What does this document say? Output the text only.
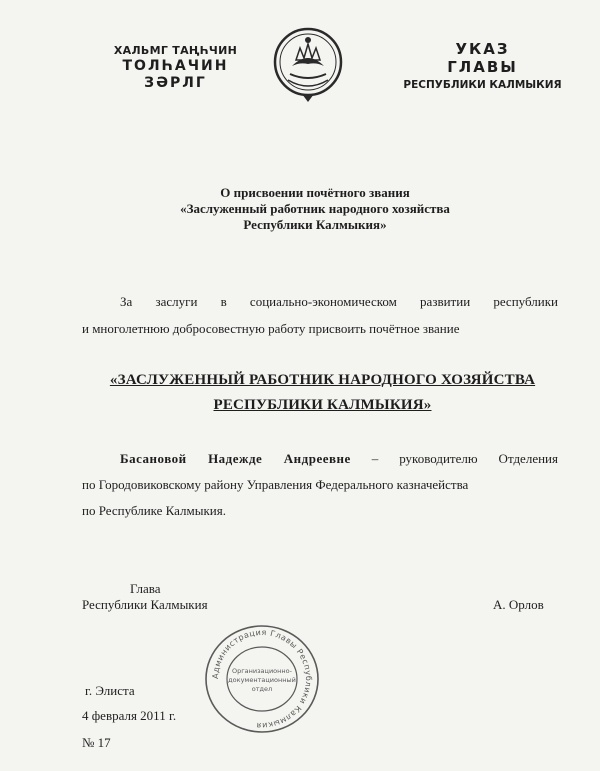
ХАЛЬМГ ТАҢҺЧИН
ТОЛҺАЧИН
ЗӘРЛГ
УКАЗ
ГЛАВЫ
РЕСПУБЛИКИ КАЛМЫКИЯ
О присвоении почётного звания
«Заслуженный работник народного хозяйства
Республики Калмыкия»
За заслуги в социально-экономическом развитии республики
и многолетнюю добросовестную работу присвоить почётное звание
«ЗАСЛУЖЕННЫЙ РАБОТНИК НАРОДНОГО ХОЗЯЙСТВА
РЕСПУБЛИКИ КАЛМЫКИЯ»
Басановой Надежде Андреевне – руководителю Отделения
по Городовиковскому району Управления Федерального казначейства
по Республике Калмыкия.
Глава
Республики Калмыкия	А. Орлов
Администрация Главы Республики Калмыкия
Организационно-
документационный
отдел
г. Элиста
4 февраля 2011 г.
№ 17
